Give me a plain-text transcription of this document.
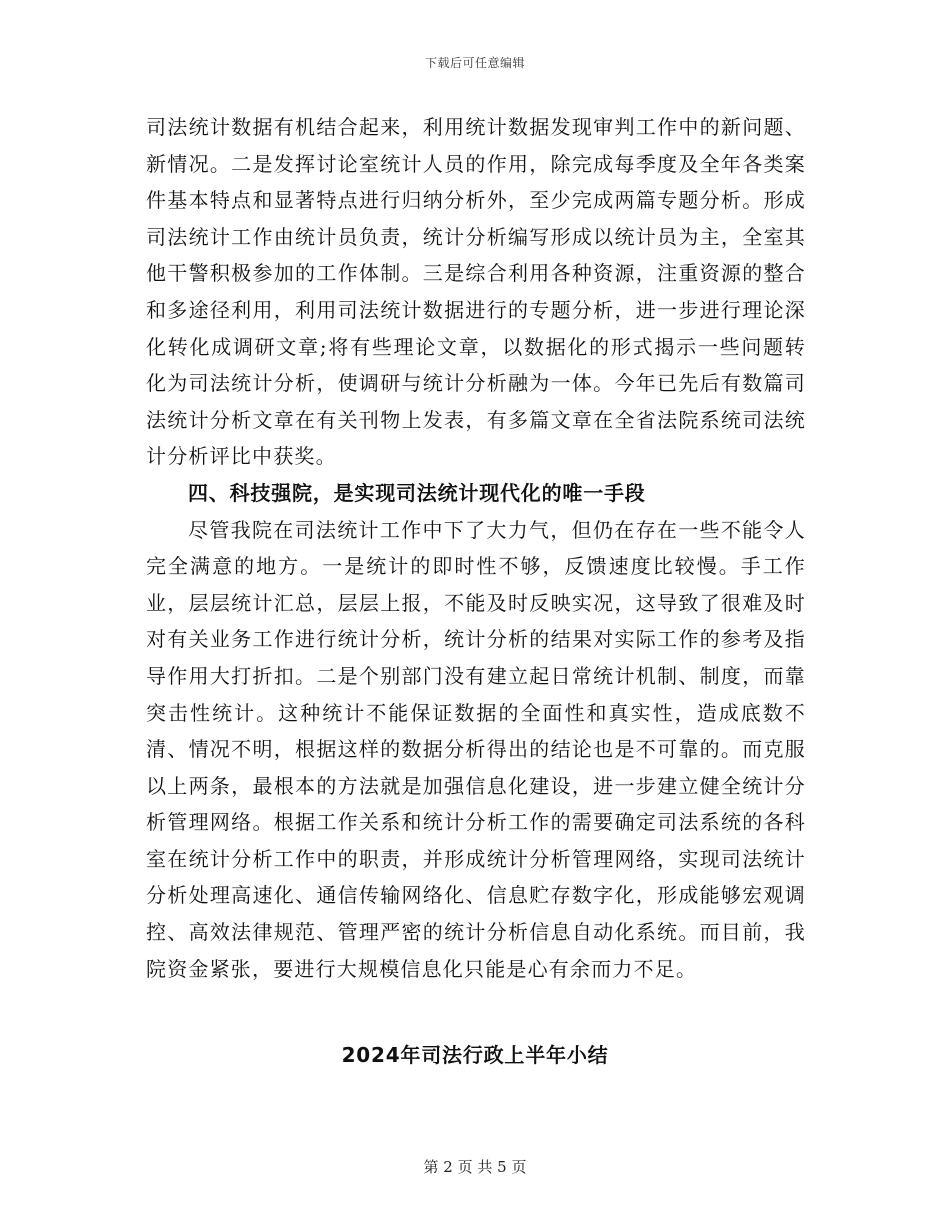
下载后可任意编辑

司法统计数据有机结合起来，利用统计数据发现审判工作中的新问题、新情况。二是发挥讨论室统计人员的作用，除完成每季度及全年各类案件基本特点和显著特点进行归纳分析外，至少完成两篇专题分析。形成司法统计工作由统计员负责，统计分析编写形成以统计员为主，全室其他干警积极参加的工作体制。三是综合利用各种资源，注重资源的整合和多途径利用，利用司法统计数据进行的专题分析，进一步进行理论深化转化成调研文章;将有些理论文章，以数据化的形式揭示一些问题转化为司法统计分析，使调研与统计分析融为一体。今年已先后有数篇司法统计分析文章在有关刊物上发表，有多篇文章在全省法院系统司法统计分析评比中获奖。

四、科技强院，是实现司法统计现代化的唯一手段

尽管我院在司法统计工作中下了大力气，但仍在存在一些不能令人完全满意的地方。一是统计的即时性不够，反馈速度比较慢。手工作业，层层统计汇总，层层上报，不能及时反映实况，这导致了很难及时对有关业务工作进行统计分析，统计分析的结果对实际工作的参考及指导作用大打折扣。二是个别部门没有建立起日常统计机制、制度，而靠突击性统计。这种统计不能保证数据的全面性和真实性，造成底数不清、情况不明，根据这样的数据分析得出的结论也是不可靠的。而克服以上两条，最根本的方法就是加强信息化建设，进一步建立健全统计分析管理网络。根据工作关系和统计分析工作的需要确定司法系统的各科室在统计分析工作中的职责，并形成统计分析管理网络，实现司法统计分析处理高速化、通信传输网络化、信息贮存数字化，形成能够宏观调控、高效法律规范、管理严密的统计分析信息自动化系统。而目前，我院资金紧张，要进行大规模信息化只能是心有余而力不足。

2024年司法行政上半年小结
第 2 页 共 5 页
